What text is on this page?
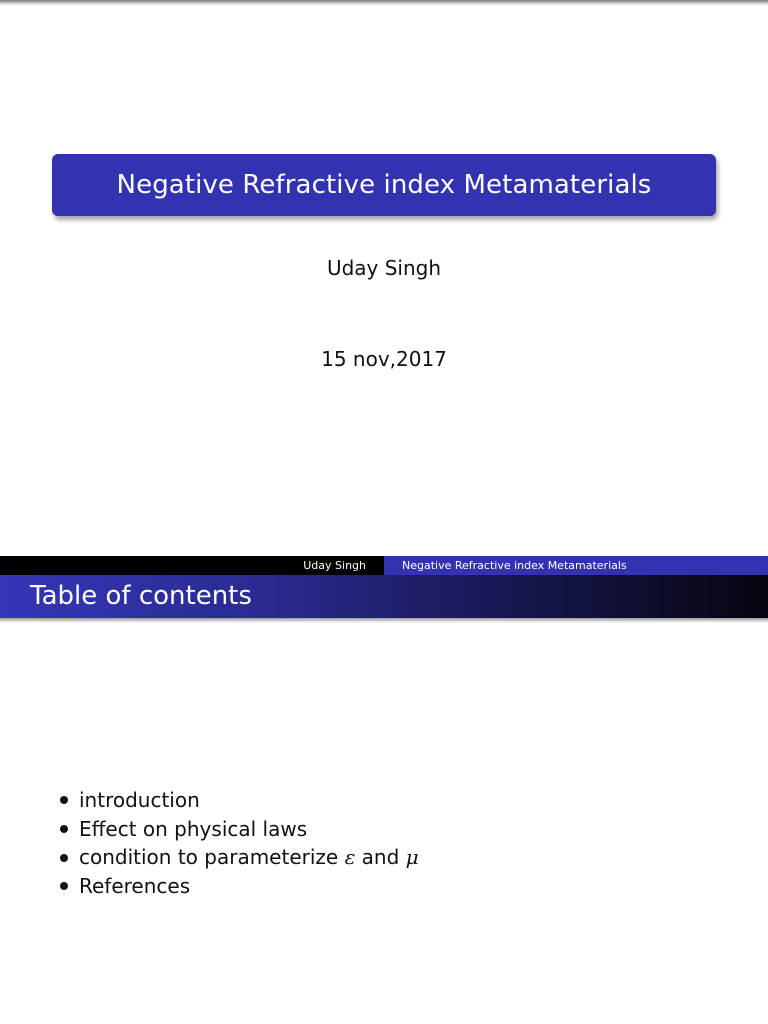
Negative Refractive index Metamaterials
Uday Singh
15 nov,2017
Uday Singh	Negative Refractive index Metamaterials
Table of contents
introduction
Effect on physical laws
condition to parameterize ε and μ
References
